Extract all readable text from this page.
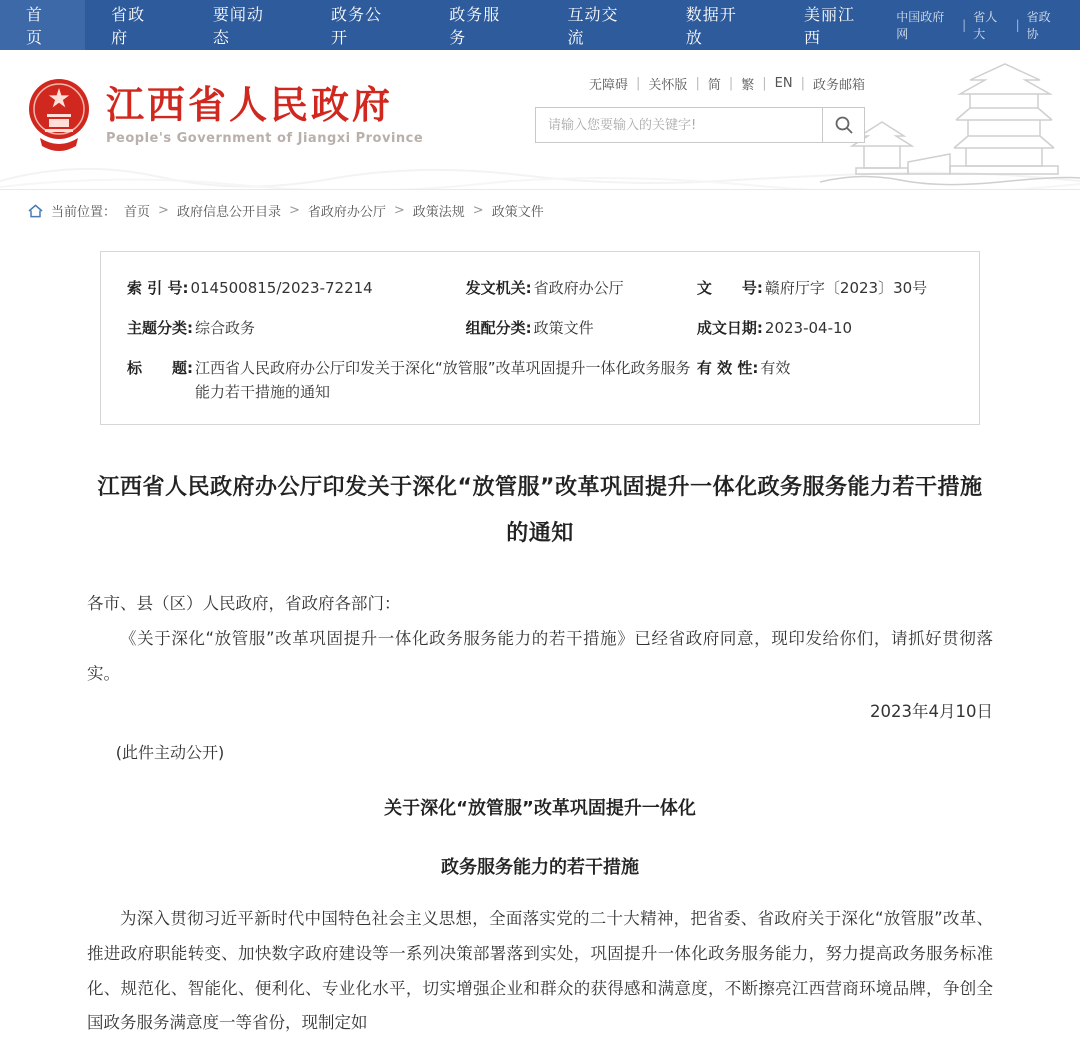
首页
省政府
要闻动态
政务公开
政务服务
互动交流
数据开放
美丽江西
中国政府网
|
省人大
|
省政协
江西省人民政府
People's Government of Jiangxi Province
无障碍 | 关怀版 | 简 | 繁 | EN | 政务邮箱
请输入您要输入的关键字!
当前位置： 首页 > 政府信息公开目录 > 省政府办公厅 > 政策法规 > 政策文件
索 引 号: 014500815/2023-72214	发文机关: 省政府办公厅	文　　号: 赣府厅字〔2023〕30号
主题分类: 综合政务	组配分类: 政策文件	成文日期: 2023-04-10
标　　题: 江西省人民政府办公厅印发关于深化“放管服”改革巩固提升一体化政务服务能力若干措施的通知
有 效 性: 有效
江西省人民政府办公厅印发关于深化“放管服”改革巩固提升一体化政务服务能力若干措施的通知

各市、县（区）人民政府，省政府各部门：

《关于深化“放管服”改革巩固提升一体化政务服务能力的若干措施》已经省政府同意，现印发给你们，请抓好贯彻落实。

2023年4月10日

(此件主动公开)

关于深化“放管服”改革巩固提升一体化
政务服务能力的若干措施

为深入贯彻习近平新时代中国特色社会主义思想，全面落实党的二十大精神，把省委、省政府关于深化“放管服”改革、推进政府职能转变、加快数字政府建设等一系列决策部署落到实处，巩固提升一体化政务服务能力，努力提高政务服务标准化、规范化、智能化、便利化、专业化水平，切实增强企业和群众的获得感和满意度，不断擦亮江西营商环境品牌，争创全国政务服务满意度一等省份，现制定如
